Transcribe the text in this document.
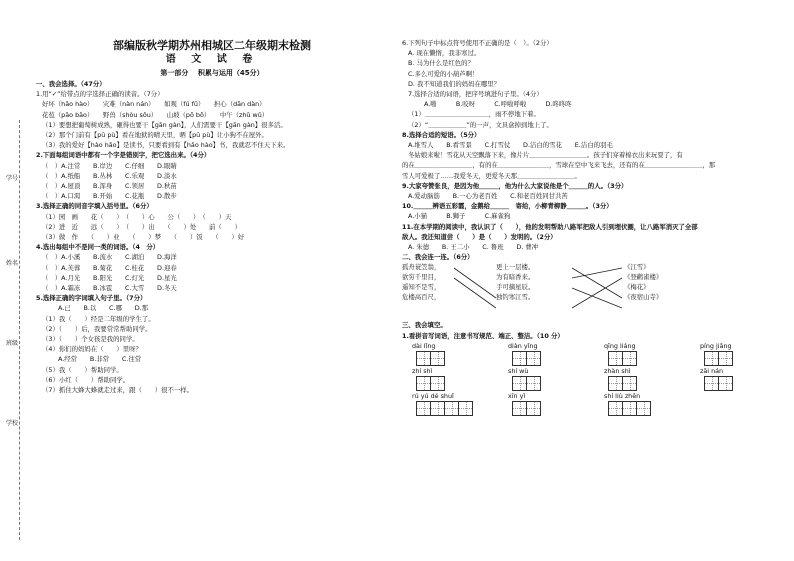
学号
姓名
班级
学校
部编版秋学期苏州相城区二年级期末检测
语 文 试 卷
第一部分　 积累与运用（45分）
一、我会选择。（47分）
1.用“✓”给带点的字选择正确的读音。（7分）
好坏（hǎo hào）　　灾难（nàn nán）　　如观（fú fǔ）　　担心（dān dàn）
花苞（pāo bāo）　　野兽（shòu sǒu）　　山坡（pō bō）　　中午（zhǔ wǔ）
（1）要想把葡萄树成熟，砸得也要干【gān gàn】，人们需要干【gān gàn】很多活。
（2）那个门前有【pū pù】看在地狱的晴天里，晒【pū pù】让小狗不在屋外。
（3）我的爱好【hào hǎo】是读书，只要看到有【hǎo hào】书，我就忍不住天下来。
2.下面每组词语中都有一个字是错别字，把它选出来。（4分）
（　）A.注常　　B.岸边　　C.仔细　　D.眼睛
（　）A.纸船　　B.丛林　　C.乐观　　D.淡水
（　）A.屋顶　　B.浑身　　C.领居　　D.秋苗
（　）A.口渴　　B.开始　　C.花瓶　　D.散步
3.选择正确的同音字填入括号里。（6分）
（1）园　画　　花（　　）　（　　）心　　公（　　）　（　　）天
（2）进　近　　远（　　）　（　　）出　　（　　）处　　前（　　）
（3）做　作　　（　　）业　　（　　）梦　　（　　）饭　　（　　）好
4.选出每组中不是同一类的词语。（4　分）
（　）A.小溪　　B.流水　　C.湖泊　　D.海洋
（　）A.芙蓉　　B.菊花　　C.桂花　　D.迎春
（　）A.月光　　B.阳光　　C.灯光　　D.星光
（　）A.霜冻　　B.冰雹　　C.大雪　　D.冬天
5.选择正确的字词填入句子里。（7分）
A.已　　B.以　　C.哪　　D.那
（1）我（　　）经是二年级的学生了。
（2）（　　）后，我要常常帮助同学。
（3）（　　）个女孩是我的同学。
（4）你们的妈妈在（　　）里呀？
A.经常　　B.非常　　C.往常
（5）我（　　）帮助同学。
（6）小红（　　）帮助同学。
（7）抓住大蜂大蜂就走过来，跟（　　）很不一样。
6.下列句子中标点符号使用不正确的是（　）。（2分）
A. 现在懒惰，我非寒过。
B. 马为什么是红色的？
C.多么可爱的小葫芦啊！
D. 我不知道我们的妈妈在哪里？
7.选择合适的词语，把序号填进句子里。（4分）
A.啪　　　B.咬呀　　　C.呼啦呼啦　　　D.咚咚咚
（1）＿＿＿＿＿＿＿＿＿＿，雨不停地下着。
（2）“＿＿＿＿＿＿”的一声，文具盒掉到地上了。
8.选择合适的短语。（5分）
A.堆雪人　　B.看雪景　　C.打雪仗　　D.洁白的雪花　　E.洁白的羽毛
冬姑娘来啦！雪花从天空飘落下来，像片片＿＿＿＿＿＿＿＿＿。孩子们穿着棉衣出来玩耍了，有
的在＿＿＿＿＿＿＿＿＿，有的在＿＿＿＿＿＿＿＿，雪球在空中飞来飞去，还有的在＿＿＿＿＿＿＿＿＿，那
雪人可爱极了……我爱冬天，更爱冬天那＿＿＿＿＿＿＿＿＿。
9.大家夸赞张良，是因为他＿＿＿，他为什么大家说他是个＿＿＿的人。（3分）
A.爱动脑筋　　B.一心为老百姓　　C.和老百姓同甘共苦
10.＿＿＿辨语五彩霞，金鹅给＿＿＿　寄给，小柳青柳静＿＿＿。（3分）
A.小猫　　　B.狮子　　　C.麻雀狗
11.在本学期的阅读中，我认识了（　　），他的发明帮助八路军把敌人引到埋伏圈，让八路军消灭了全部
敌人。我还知道尝（　　）是（　　）发明的。（2分）
A. 朱德　　B. 王二小　　C. 鲁班　　D. 曹冲
二、我会连一连。（6分）
孤舟蓑笠翁，
欲穷千里目，
遥知不是雪，
危楼高百尺，
更上一层楼。
为有暗香来。
手可摘星辰。
独钓寒江雪。
《江雪》
《登鹳雀楼》
《梅花》
《夜宿山寺》
三、我会填空。
1.看拼音写词语，注意书写规范、端正、整洁。（10 分）
dài lǐng	diàn yǐng	qīng liáng	píng jiǎng
zhí shì	shí wù	zhàn shì	zǎi nán
rú yú dé shuǐ	xīn yǐ	shí liù zhēn
